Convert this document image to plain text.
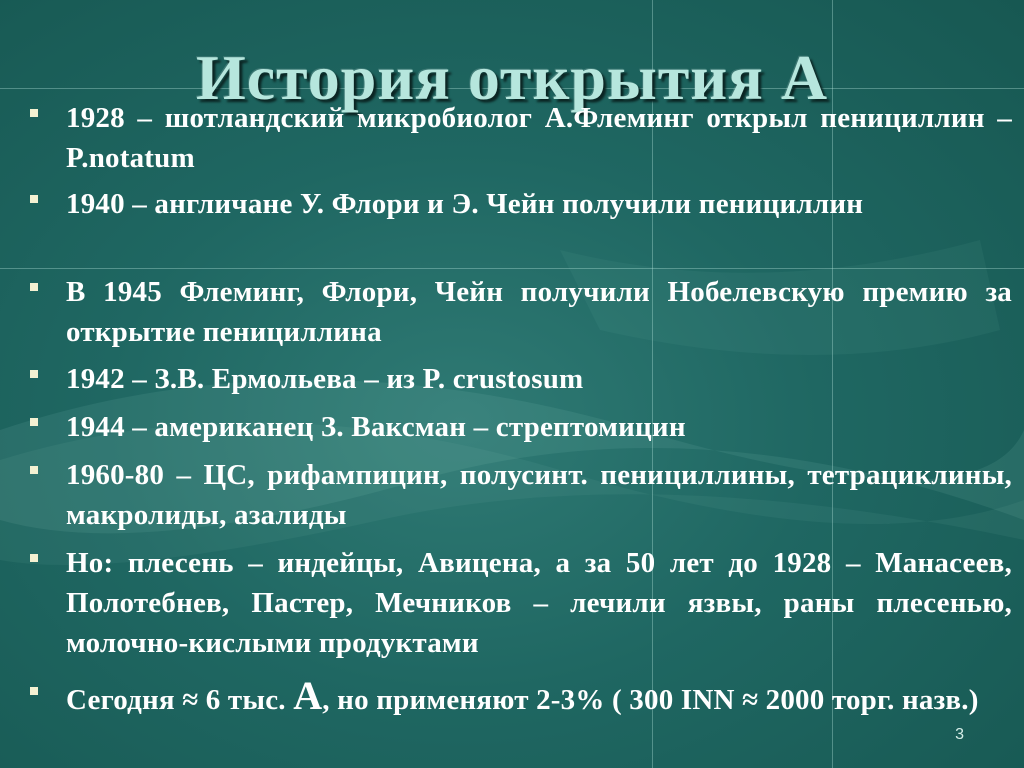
История открытия А
1928 – шотландский микробиолог А.Флеминг открыл пенициллин – P.notatum
1940 – англичане У. Флори и Э. Чейн получили пенициллин
В 1945 Флеминг, Флори, Чейн получили Нобелевскую премию за открытие пенициллина
1942 – З.В. Ермольева – из P. crustosum
1944 – американец З. Ваксман – стрептомицин
1960-80 – ЦС, рифампицин, полусинт. пенициллины, тетрациклины, макролиды, азалиды
Но: плесень – индейцы, Авицена, а за 50 лет до 1928 – Манасеев, Полотебнев, Пастер, Мечников – лечили язвы, раны плесенью, молочно-кислыми продуктами
Сегодня ≈ 6 тыс. А, но применяют 2-3% ( 300 INN ≈ 2000 торг. назв.)
3
